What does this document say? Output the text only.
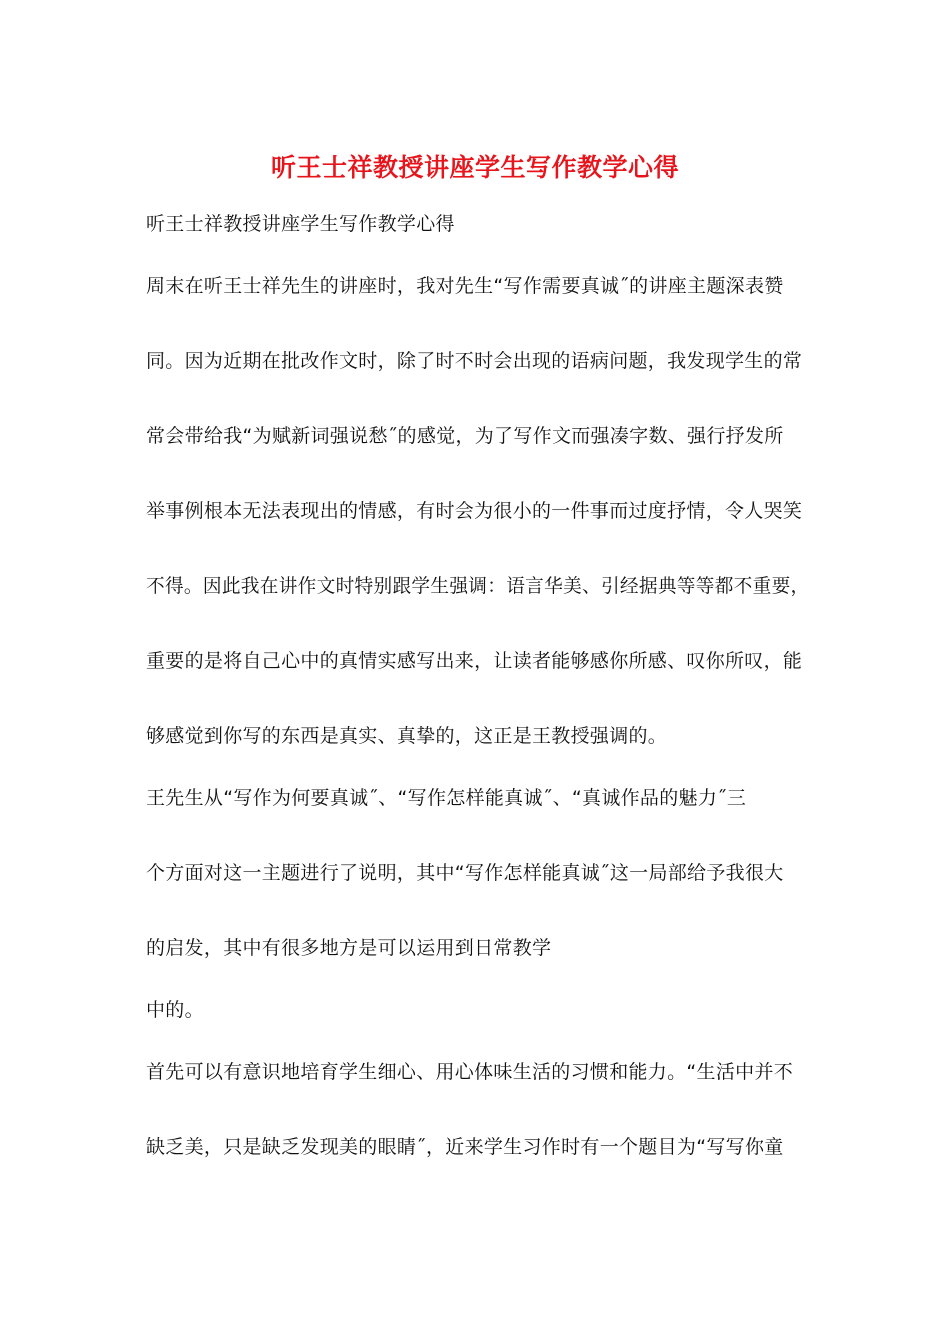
听王士祥教授讲座学生写作教学心得
听王士祥教授讲座学生写作教学心得
周末在听王士祥先生的讲座时，我对先生“写作需要真诚˝的讲座主题深表赞
同。因为近期在批改作文时，除了时不时会出现的语病问题，我发现学生的常
常会带给我“为赋新词强说愁˝的感觉，为了写作文而强凑字数、强行抒发所
举事例根本无法表现出的情感，有时会为很小的一件事而过度抒情，令人哭笑
不得。因此我在讲作文时特别跟学生强调：语言华美、引经据典等等都不重要，
重要的是将自己心中的真情实感写出来，让读者能够感你所感、叹你所叹，能
够感觉到你写的东西是真实、真挚的，这正是王教授强调的。
王先生从“写作为何要真诚˝、“写作怎样能真诚˝、“真诚作品的魅力˝三
个方面对这一主题进行了说明，其中“写作怎样能真诚˝这一局部给予我很大
的启发，其中有很多地方是可以运用到日常教学
中的。
首先可以有意识地培育学生细心、用心体味生活的习惯和能力。“生活中并不
缺乏美，只是缺乏发现美的眼睛˝，近来学生习作时有一个题目为“写写你童
